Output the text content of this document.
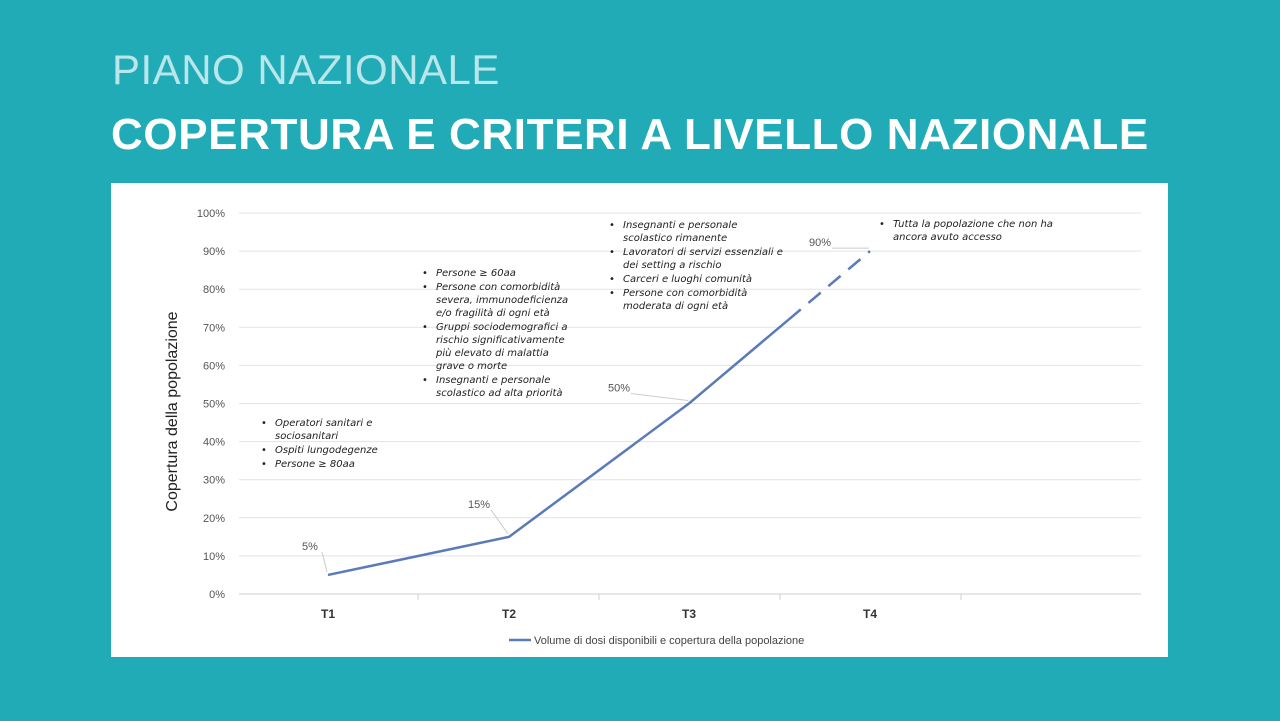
PIANO NAZIONALE
COPERTURA E CRITERI A LIVELLO NAZIONALE
0%
10%
20%
30%
40%
50%
60%
70%
80%
90%
100%
T1	T2	T3	T4
Copertura della popolazione
5%
15%
50%
90%
Volume di dosi disponibili e copertura della popolazione
• Operatori sanitari e sociosanitari
• Ospiti lungodegenze
• Persone ≥ 80aa
• Persone ≥ 60aa
• Persone con comorbidità severa, immunodeficienza e/o fragilità di ogni età
• Gruppi sociodemografici a rischio significativamente più elevato di malattia grave o morte
• Insegnanti e personale scolastico ad alta priorità
• Insegnanti e personale scolastico rimanente
• Lavoratori di servizi essenziali e dei setting a rischio
• Carceri e luoghi comunità
• Persone con comorbidità moderata di ogni età
• Tutta la popolazione che non ha ancora avuto accesso
